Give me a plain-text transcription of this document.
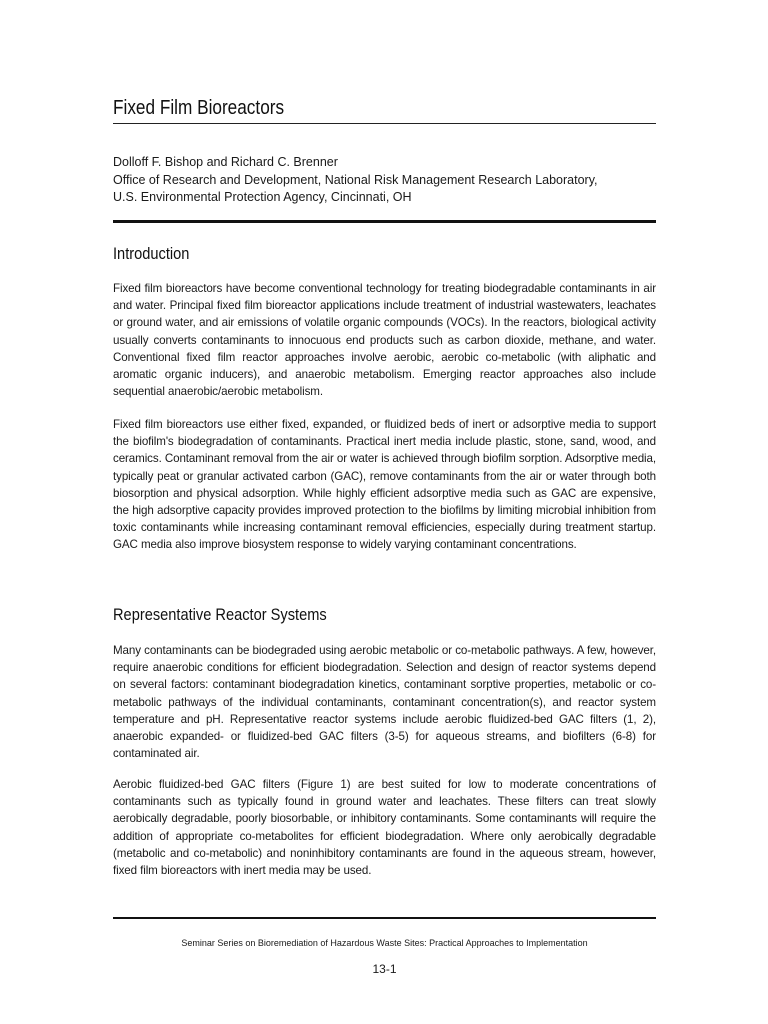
Fixed Film Bioreactors
Dolloff F. Bishop and Richard C. Brenner
Office of Research and Development, National Risk Management Research Laboratory,
U.S. Environmental Protection Agency, Cincinnati, OH
Introduction

Fixed film bioreactors have become conventional technology for treating biodegradable contaminants in air and water. Principal fixed film bioreactor applications include treatment of industrial wastewaters, leachates or ground water, and air emissions of volatile organic compounds (VOCs). In the reactors, biological activity usually converts contaminants to innocuous end products such as carbon dioxide, methane, and water. Conventional fixed film reactor approaches involve aerobic, aerobic co-metabolic (with aliphatic and aromatic organic inducers), and anaerobic metabolism. Emerging reactor approaches also include sequential anaerobic/aerobic metabolism.

Fixed film bioreactors use either fixed, expanded, or fluidized beds of inert or adsorptive media to support the biofilm's biodegradation of contaminants. Practical inert media include plastic, stone, sand, wood, and ceramics. Contaminant removal from the air or water is achieved through biofilm sorption. Adsorptive media, typically peat or granular activated carbon (GAC), remove contaminants from the air or water through both biosorption and physical adsorption. While highly efficient adsorptive media such as GAC are expensive, the high adsorptive capacity provides improved protection to the biofilms by limiting microbial inhibition from toxic contaminants while increasing contaminant removal efficiencies, especially during treatment startup. GAC media also improve biosystem response to widely varying contaminant concentrations.

Representative Reactor Systems

Many contaminants can be biodegraded using aerobic metabolic or co-metabolic pathways. A few, however, require anaerobic conditions for efficient biodegradation. Selection and design of reactor systems depend on several factors: contaminant biodegradation kinetics, contaminant sorptive properties, metabolic or co-metabolic pathways of the individual contaminants, contaminant concentration(s), and reactor system temperature and pH. Representative reactor systems include aerobic fluidized-bed GAC filters (1, 2), anaerobic expanded- or fluidized-bed GAC filters (3-5) for aqueous streams, and biofilters (6-8) for contaminated air.

Aerobic fluidized-bed GAC filters (Figure 1) are best suited for low to moderate concentrations of contaminants such as typically found in ground water and leachates. These filters can treat slowly aerobically degradable, poorly biosorbable, or inhibitory contaminants. Some contaminants will require the addition of appropriate co-metabolites for efficient biodegradation. Where only aerobically degradable (metabolic and co-metabolic) and noninhibitory contaminants are found in the aqueous stream, however, fixed film bioreactors with inert media may be used.

Seminar Series on Bioremediation of Hazardous Waste Sites: Practical Approaches to Implementation
13-1
